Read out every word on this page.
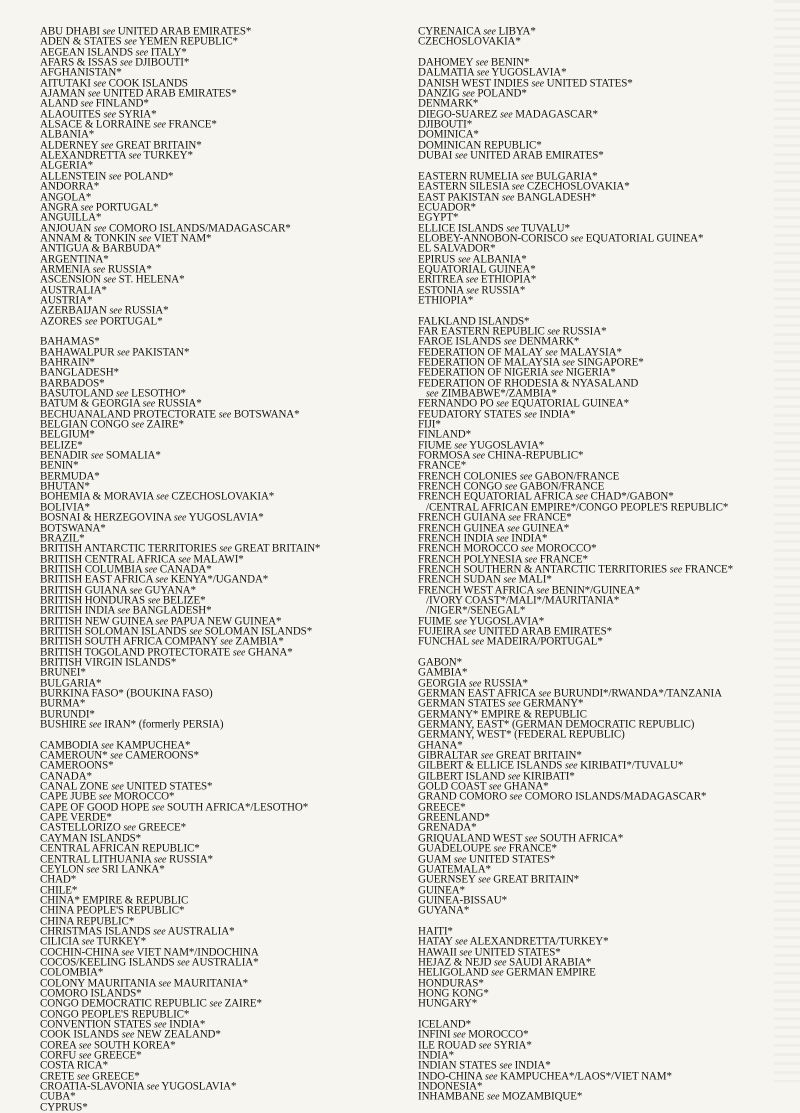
ABU DHABI see UNITED ARAB EMIRATES*
ADEN & STATES see YEMEN REPUBLIC*
AEGEAN ISLANDS see ITALY*
AFARS & ISSAS see DJIBOUTI*
AFGHANISTAN*
AITUTAKI see COOK ISLANDS
AJAMAN see UNITED ARAB EMIRATES*
ALAND see FINLAND*
ALAOUITES see SYRIA*
ALSACE & LORRAINE see FRANCE*
ALBANIA*
ALDERNEY see GREAT BRITAIN*
ALEXANDRETTA see TURKEY*
ALGERIA*
ALLENSTEIN see POLAND*
ANDORRA*
ANGOLA*
ANGRA see PORTUGAL*
ANGUILLA*
ANJOUAN see COMORO ISLANDS/MADAGASCAR*
ANNAM & TONKIN see VIET NAM*
ANTIGUA & BARBUDA*
ARGENTINA*
ARMENIA see RUSSIA*
ASCENSION see ST. HELENA*
AUSTRALIA*
AUSTRIA*
AZERBAIJAN see RUSSIA*
AZORES see PORTUGAL*
BAHAMAS*
BAHAWALPUR see PAKISTAN*
BAHRAIN*
BANGLADESH*
BARBADOS*
BASUTOLAND see LESOTHO*
BATUM & GEORGIA see RUSSIA*
BECHUANALAND PROTECTORATE see BOTSWANA*
BELGIAN CONGO see ZAIRE*
BELGIUM*
BELIZE*
BENADIR see SOMALIA*
BENIN*
BERMUDA*
BHUTAN*
BOHEMIA & MORAVIA see CZECHOSLOVAKIA*
BOLIVIA*
BOSNAI & HERZEGOVINA see YUGOSLAVIA*
BOTSWANA*
BRAZIL*
BRITISH ANTARCTIC TERRITORIES see GREAT BRITAIN*
BRITISH CENTRAL AFRICA see MALAWI*
BRITISH COLUMBIA see CANADA*
BRITISH EAST AFRICA see KENYA*/UGANDA*
BRITISH GUIANA see GUYANA*
BRITISH HONDURAS see BELIZE*
BRITISH INDIA see BANGLADESH*
BRITISH NEW GUINEA see PAPUA NEW GUINEA*
BRITISH SOLOMAN ISLANDS see SOLOMAN ISLANDS*
BRITISH SOUTH AFRICA COMPANY see ZAMBIA*
BRITISH TOGOLAND PROTECTORATE see GHANA*
BRITISH VIRGIN ISLANDS*
BRUNEI*
BULGARIA*
BURKINA FASO* (BOUKINA FASO)
BURMA*
BURUNDI*
BUSHIRE see IRAN* (formerly PERSIA)
CAMBODIA see KAMPUCHEA*
CAMEROUN* see CAMEROONS*
CAMEROONS*
CANADA*
CANAL ZONE see UNITED STATES*
CAPE JUBE see MOROCCO*
CAPE OF GOOD HOPE see SOUTH AFRICA*/LESOTHO*
CAPE VERDE*
CASTELLORIZO see GREECE*
CAYMAN ISLANDS*
CENTRAL AFRICAN REPUBLIC*
CENTRAL LITHUANIA see RUSSIA*
CEYLON see SRI LANKA*
CHAD*
CHILE*
CHINA* EMPIRE & REPUBLIC
CHINA PEOPLE'S REPUBLIC*
CHINA REPUBLIC*
CHRISTMAS ISLANDS see AUSTRALIA*
CILICIA see TURKEY*
COCHIN-CHINA see VIET NAM*/INDOCHINA
COCOS/KEELING ISLANDS see AUSTRALIA*
COLOMBIA*
COLONY MAURITANIA see MAURITANIA*
COMORO ISLANDS*
CONGO DEMOCRATIC REPUBLIC see ZAIRE*
CONGO PEOPLE'S REPUBLIC*
CONVENTION STATES see INDIA*
COOK ISLANDS see NEW ZEALAND*
COREA see SOUTH KOREA*
CORFU see GREECE*
COSTA RICA*
CRETE see GREECE*
CROATIA-SLAVONIA see YUGOSLAVIA*
CUBA*
CYPRUS*
CYRENAICA see LIBYA*
CZECHOSLOVAKIA*
DAHOMEY see BENIN*
DALMATIA see YUGOSLAVIA*
DANISH WEST INDIES see UNITED STATES*
DANZIG see POLAND*
DENMARK*
DIEGO-SUAREZ see MADAGASCAR*
DJIBOUTI*
DOMINICA*
DOMINICAN REPUBLIC*
DUBAI see UNITED ARAB EMIRATES*
EASTERN RUMELIA see BULGARIA*
EASTERN SILESIA see CZECHOSLOVAKIA*
EAST PAKISTAN see BANGLADESH*
ECUADOR*
EGYPT*
ELLICE ISLANDS see TUVALU*
ELOBEY-ANNOBON-CORISCO see EQUATORIAL GUINEA*
EL SALVADOR*
EPIRUS see ALBANIA*
EQUATORIAL GUINEA*
ERITREA see ETHIOPIA*
ESTONIA see RUSSIA*
ETHIOPIA*
FALKLAND ISLANDS*
FAR EASTERN REPUBLIC see RUSSIA*
FAROE ISLANDS see DENMARK*
FEDERATION OF MALAY see MALAYSIA*
FEDERATION OF MALAYSIA see SINGAPORE*
FEDERATION OF NIGERIA see NIGERIA*
FEDERATION OF RHODESIA & NYASALAND
see ZIMBABWE*/ZAMBIA*
FERNANDO PO see EQUATORIAL GUINEA*
FEUDATORY STATES see INDIA*
FIJI*
FINLAND*
FIUME see YUGOSLAVIA*
FORMOSA see CHINA-REPUBLIC*
FRANCE*
FRENCH COLONIES see GABON/FRANCE
FRENCH CONGO see GABON/FRANCE
FRENCH EQUATORIAL AFRICA see CHAD*/GABON*
/CENTRAL AFRICAN EMPIRE*/CONGO PEOPLE'S REPUBLIC*
FRENCH GUIANA see FRANCE*
FRENCH GUINEA see GUINEA*
FRENCH INDIA see INDIA*
FRENCH MOROCCO see MOROCCO*
FRENCH POLYNESIA see FRANCE*
FRENCH SOUTHERN & ANTARCTIC TERRITORIES see FRANCE*
FRENCH SUDAN see MALI*
FRENCH WEST AFRICA see BENIN*/GUINEA*
/IVORY COAST*/MALI*/MAURITANIA*
/NIGER*/SENEGAL*
FUIME see YUGOSLAVIA*
FUJEIRA see UNITED ARAB EMIRATES*
FUNCHAL see MADEIRA/PORTUGAL*
GABON*
GAMBIA*
GEORGIA see RUSSIA*
GERMAN EAST AFRICA see BURUNDI*/RWANDA*/TANZANIA
GERMAN STATES see GERMANY*
GERMANY* EMPIRE & REPUBLIC
GERMANY, EAST* (GERMAN DEMOCRATIC REPUBLIC)
GERMANY, WEST* (FEDERAL REPUBLIC)
GHANA*
GIBRALTAR see GREAT BRITAIN*
GILBERT & ELLICE ISLANDS see KIRIBATI*/TUVALU*
GILBERT ISLAND see KIRIBATI*
GOLD COAST see GHANA*
GRAND COMORO see COMORO ISLANDS/MADAGASCAR*
GREECE*
GREENLAND*
GRENADA*
GRIQUALAND WEST see SOUTH AFRICA*
GUADELOUPE see FRANCE*
GUAM see UNITED STATES*
GUATEMALA*
GUERNSEY see GREAT BRITAIN*
GUINEA*
GUINEA-BISSAU*
GUYANA*
HAITI*
HATAY see ALEXANDRETTA/TURKEY*
HAWAII see UNITED STATES*
HEJAZ & NEJD see SAUDI ARABIA*
HELIGOLAND see GERMAN EMPIRE
HONDURAS*
HONG KONG*
HUNGARY*
ICELAND*
INFINI see MOROCCO*
ILE ROUAD see SYRIA*
INDIA*
INDIAN STATES see INDIA*
INDO-CHINA see KAMPUCHEA*/LAOS*/VIET NAM*
INDONESIA*
INHAMBANE see MOZAMBIQUE*
